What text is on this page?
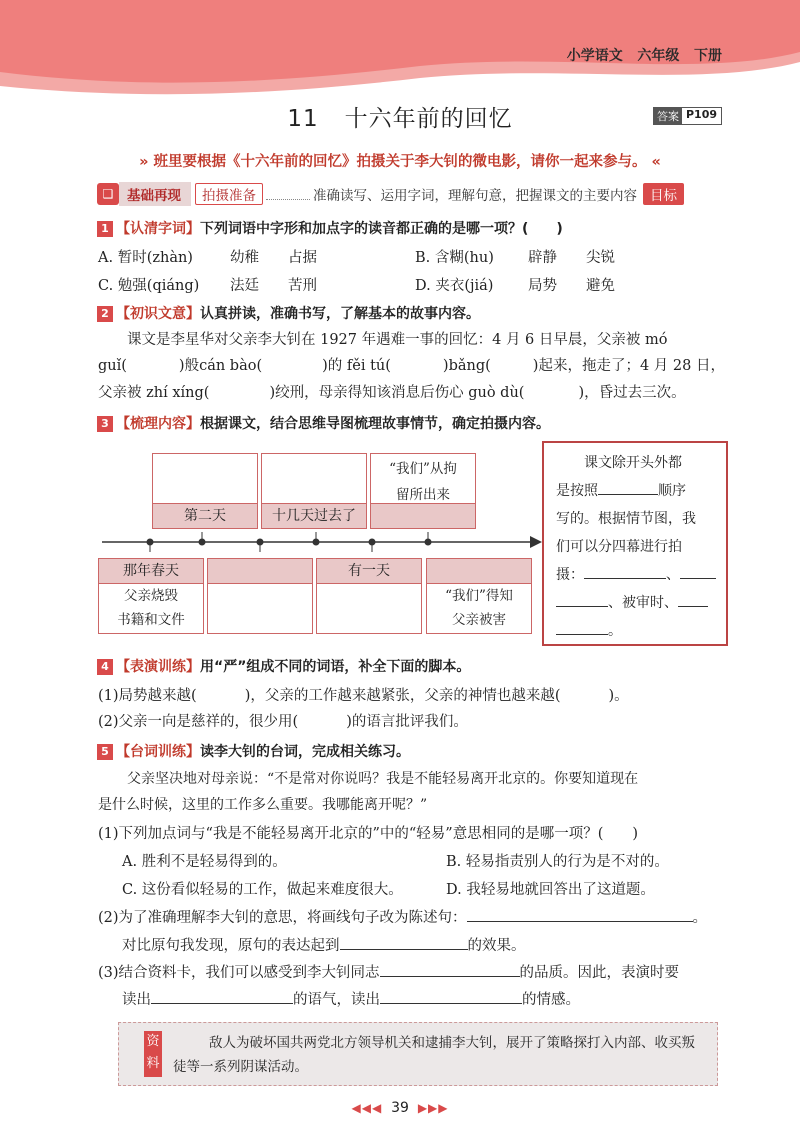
小学语文 六年级 下册
11 十六年前的回忆	答案 P109
» 班里要根据《十六年前的回忆》拍摄关于李大钊的微电影，请你一起来参与。 «
❑	基础再现	拍摄准备	准确读写、运用字词，理解句意，把握课文的主要内容 目标
1 【认清字词】下列词语中字形和加点字的读音都正确的是哪一项？(　　)
A. 暂时(zhàn)	幼稚 占据	B. 含糊(hu) 辟静 尖锐
C. 勉强(qiáng) 法廷 苦刑	D. 夹衣(jiá) 局势 避免
2 【初识文意】认真拼读，准确书写，了解基本的故事内容。
课文是李星华对父亲李大钊在 1927 年遇难一事的回忆：4 月 6 日早晨，父亲被 mó
guǐ(	)般cán bào(	)的 fěi tú(	)bǎng(	)起来，拖走了；4 月 28 日，
父亲被 zhí xíng(	)绞刑，母亲得知该消息后伤心 guò dù(	)，昏过去三次。
3 【梳理内容】根据课文，结合思维导图梳理故事情节，确定拍摄内容。
第二天	十几天过去了
“我们”从拘
留所出来
那年春天
父亲烧毁
书籍和文件
有一天
“我们”得知
父亲被害
课文除开头外都
是按照	顺序
写的。根据情节图，我
们可以分四幕进行拍
摄：	、
、被审时、
。
4 【表演训练】用“严”组成不同的词语，补全下面的脚本。
(1)局势越来越(	)，父亲的工作越来越紧张，父亲的神情也越来越(	)。
(2)父亲一向是慈祥的，很少用(	)的语言批评我们。
5 【台词训练】读李大钊的台词，完成相关练习。
父亲坚决地对母亲说：“不是常对你说吗？我是不能轻易离开北京的。你要知道现在
是什么时候，这里的工作多么重要。我哪能离开呢？”
(1)下列加点词与“我是不能轻易离开北京的”中的“轻易”意思相同的是哪一项？(　　)
A. 胜利不是轻易得到的。	B. 轻易指责别人的行为是不对的。
C. 这份看似轻易的工作，做起来难度很大。	D. 我轻易地就回答出了这道题。
(2)为了准确理解李大钊的意思，将画线句子改为陈述句：	。
对比原句我发现，原句的表达起到	的效果。
(3)结合资料卡，我们可以感受到李大钊同志	的品质。因此，表演时要
读出	的语气，读出	的情感。
资料
敌人为破坏国共两党北方领导机关和逮捕李大钊，展开了策略探打入内部、收买叛徒等一系列阴谋活动。
◀◀◀ 39 ▶▶▶
